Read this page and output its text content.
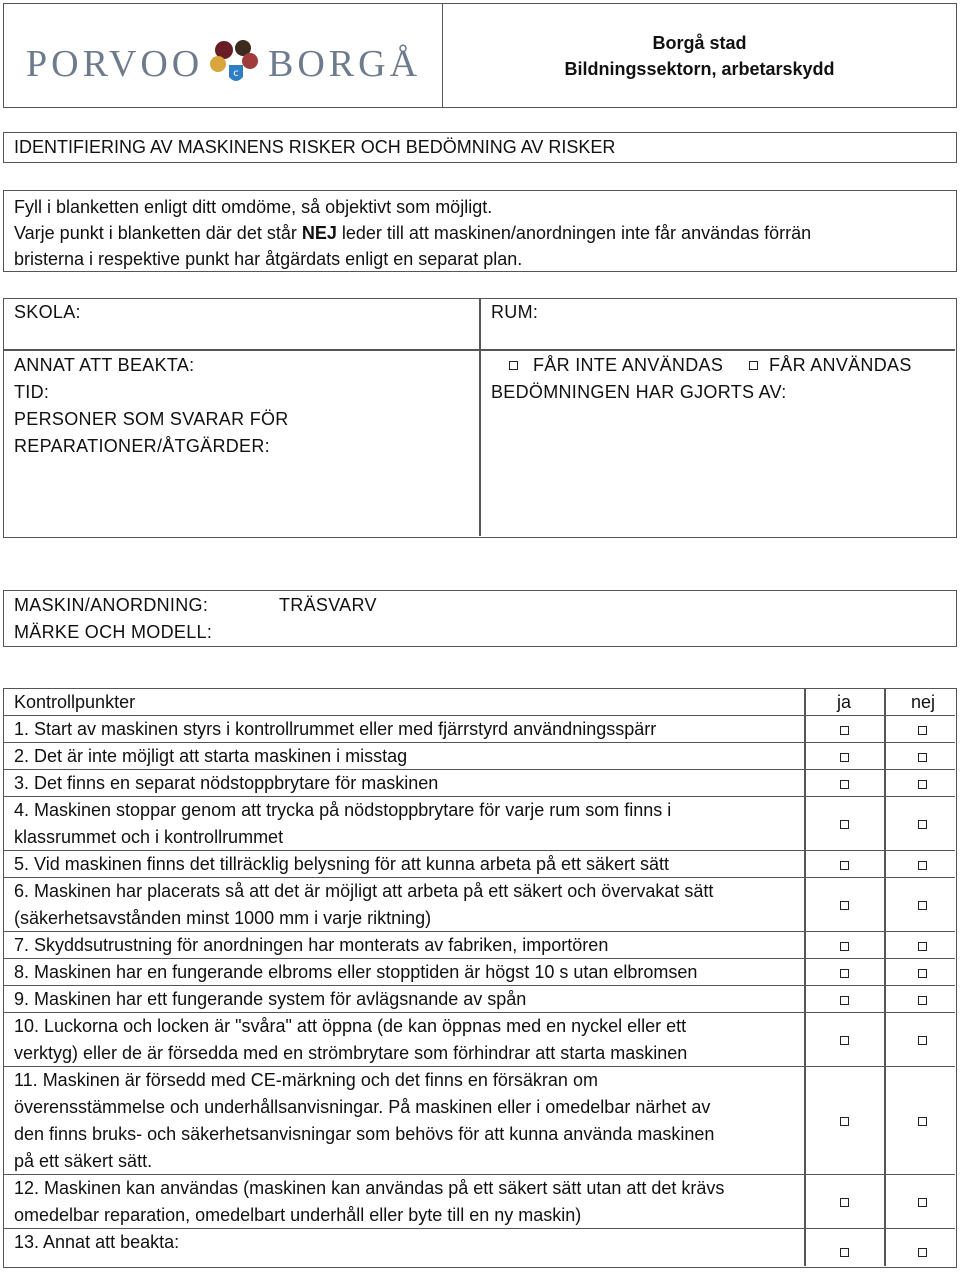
PORVOO	c BORGÅ
Borgå stad
Bildningssektorn, arbetarskydd
IDENTIFIERING AV MASKINENS RISKER OCH BEDÖMNING AV RISKER
Fyll i blanketten enligt ditt omdöme, så objektivt som möjligt.
Varje punkt i blanketten där det står NEJ leder till att maskinen/anordningen inte får användas förrän
bristerna i respektive punkt har åtgärdats enligt en separat plan.
SKOLA:	RUM:
ANNAT ATT BEAKTA:
TID:
PERSONER SOM SVARAR FÖR
REPARATIONER/ÅTGÄRDER:
FÅR INTE ANVÄNDAS	FÅR ANVÄNDAS
BEDÖMNINGEN HAR GJORTS AV:
MASKIN/ANORDNING:	TRÄSVARV
MÄRKE OCH MODELL:
Kontrollpunkter	ja	nej
1. Start av maskinen styrs i kontrollrummet eller med fjärrstyrd användningsspärr
2. Det är inte möjligt att starta maskinen i misstag
3. Det finns en separat nödstoppbrytare för maskinen
4. Maskinen stoppar genom att trycka på nödstoppbrytare för varje rum som finns i
klassrummet och i kontrollrummet
5. Vid maskinen finns det tillräcklig belysning för att kunna arbeta på ett säkert sätt
6. Maskinen har placerats så att det är möjligt att arbeta på ett säkert och övervakat sätt
(säkerhetsavstånden minst 1000 mm i varje riktning)
7. Skyddsutrustning för anordningen har monterats av fabriken, importören
8. Maskinen har en fungerande elbroms eller stopptiden är högst 10 s utan elbromsen
9. Maskinen har ett fungerande system för avlägsnande av spån
10. Luckorna och locken är "svåra" att öppna (de kan öppnas med en nyckel eller ett
verktyg) eller de är försedda med en strömbrytare som förhindrar att starta maskinen
11. Maskinen är försedd med CE-märkning och det finns en försäkran om
överensstämmelse och underhållsanvisningar. På maskinen eller i omedelbar närhet av
den finns bruks- och säkerhetsanvisningar som behövs för att kunna använda maskinen
på ett säkert sätt.
12. Maskinen kan användas (maskinen kan användas på ett säkert sätt utan att det krävs
omedelbar reparation, omedelbart underhåll eller byte till en ny maskin)
13. Annat att beakta:
